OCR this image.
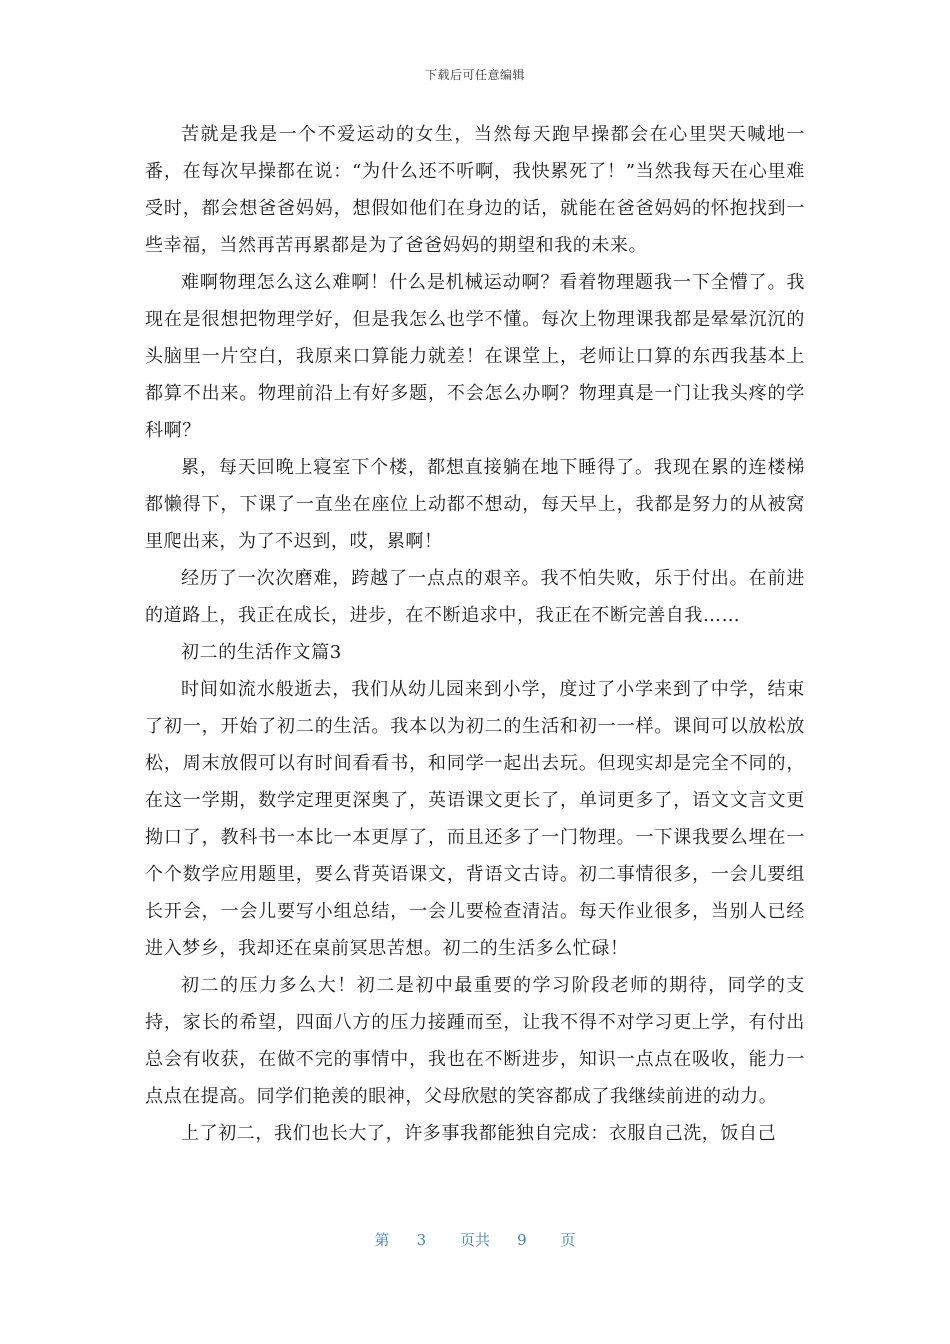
下载后可任意编辑

苦就是我是一个不爱运动的女生，当然每天跑早操都会在心里哭天喊地一番，在每次早操都在说：“为什么还不听啊，我快累死了！”当然我每天在心里难受时，都会想爸爸妈妈，想假如他们在身边的话，就能在爸爸妈妈的怀抱找到一些幸福，当然再苦再累都是为了爸爸妈妈的期望和我的未来。

难啊物理怎么这么难啊！什么是机械运动啊？看着物理题我一下全懵了。我现在是很想把物理学好，但是我怎么也学不懂。每次上物理课我都是晕晕沉沉的头脑里一片空白，我原来口算能力就差！在课堂上，老师让口算的东西我基本上都算不出来。物理前沿上有好多题，不会怎么办啊？物理真是一门让我头疼的学科啊？

累，每天回晚上寝室下个楼，都想直接躺在地下睡得了。我现在累的连楼梯都懒得下，下课了一直坐在座位上动都不想动，每天早上，我都是努力的从被窝里爬出来，为了不迟到，哎，累啊！

经历了一次次磨难，跨越了一点点的艰辛。我不怕失败，乐于付出。在前进的道路上，我正在成长，进步，在不断追求中，我正在不断完善自我……

初二的生活作文篇3

时间如流水般逝去，我们从幼儿园来到小学，度过了小学来到了中学，结束了初一，开始了初二的生活。我本以为初二的生活和初一一样。课间可以放松放松，周末放假可以有时间看看书，和同学一起出去玩。但现实却是完全不同的，在这一学期，数学定理更深奥了，英语课文更长了，单词更多了，语文文言文更拗口了，教科书一本比一本更厚了，而且还多了一门物理。一下课我要么埋在一个个数学应用题里，要么背英语课文，背语文古诗。初二事情很多，一会儿要组长开会，一会儿要写小组总结，一会儿要检查清洁。每天作业很多，当别人已经进入梦乡，我却还在桌前冥思苦想。初二的生活多么忙碌！

初二的压力多么大！初二是初中最重要的学习阶段老师的期待，同学的支持，家长的希望，四面八方的压力接踵而至，让我不得不对学习更上学，有付出总会有收获，在做不完的事情中，我也在不断进步，知识一点点在吸收，能力一点点在提高。同学们艳羡的眼神，父母欣慰的笑容都成了我继续前进的动力。

上了初二，我们也长大了，许多事我都能独自完成：衣服自己洗，饭自己

第 3 页共 9 页
